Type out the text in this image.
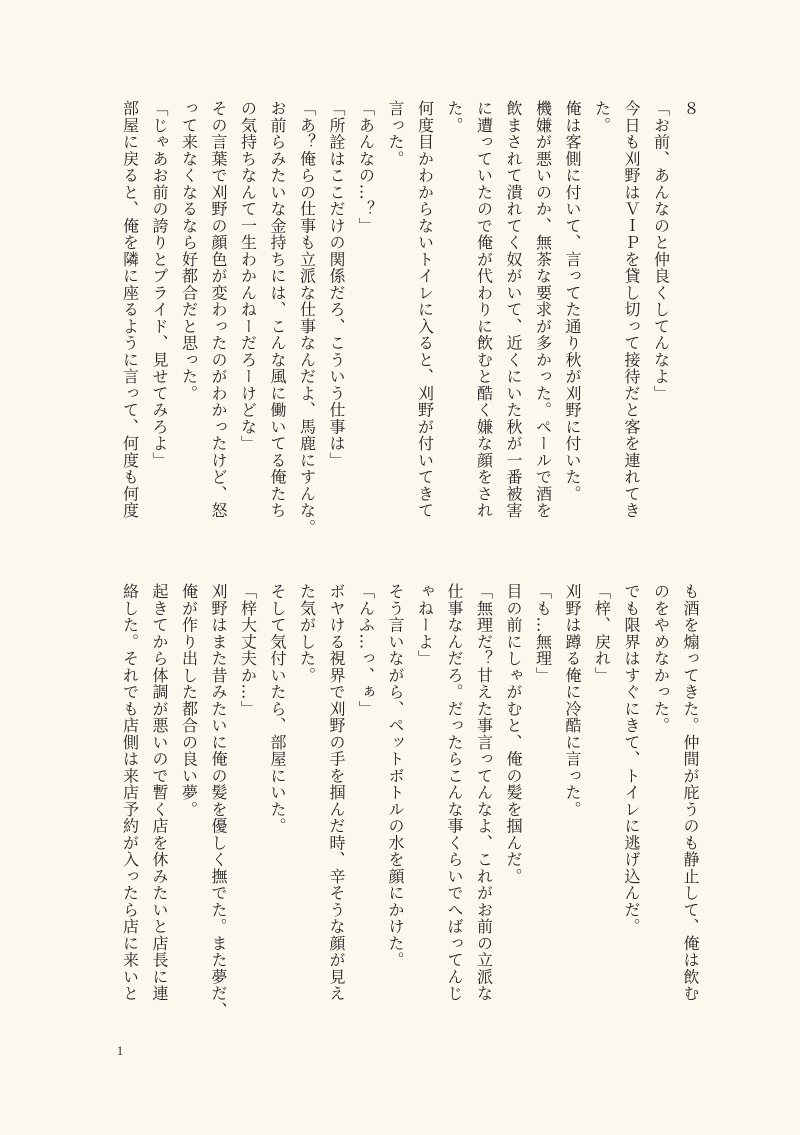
８

「お前、あんなのと仲良くしてんなよ」

今日も刈野はＶＩＰを貸し切って接待だと客を連れてき

た。

俺は客側に付いて、言ってた通り秋が刈野に付いた。

機嫌が悪いのか、無茶な要求が多かった。ペールで酒を

飲まされて潰れてく奴がいて、近くにいた秋が一番被害

に遭っていたので俺が代わりに飲むと酷く嫌な顔をされ

た。

何度目かわからないトイレに入ると、刈野が付いてきて

言った。

「あんなの…？」

「所詮はここだけの関係だろ、こういう仕事は」

「あ？俺らの仕事も立派な仕事なんだよ、馬鹿にすんな。

お前らみたいな金持ちには、こんな風に働いてる俺たち

の気持ちなんて一生わかんねーだろーけどな」

その言葉で刈野の顔色が変わったのがわかったけど、怒

って来なくなるなら好都合だと思った。

「じゃあお前の誇りとプライド、見せてみろよ」

部屋に戻ると、俺を隣に座るように言って、何度も何度

も酒を煽ってきた。仲間が庇うのも静止して、俺は飲む

のをやめなかった。

でも限界はすぐにきて、トイレに逃げ込んだ。

「梓、戻れ」

刈野は蹲る俺に冷酷に言った。

「も…無理」

目の前にしゃがむと、俺の髪を掴んだ。

「無理だ？甘えた事言ってんなよ、これがお前の立派な

仕事なんだろ。だったらこんな事くらいでへばってんじ

ゃねーよ」

そう言いながら、ペットボトルの水を顔にかけた。

「んふ…っ、ぁ」

ボヤける視界で刈野の手を掴んだ時、辛そうな顔が見え

た気がした。

そして気付いたら、部屋にいた。

「梓大丈夫か…」

刈野はまた昔みたいに俺の髪を優しく撫でた。また夢だ、

俺が作り出した都合の良い夢。

起きてから体調が悪いので暫く店を休みたいと店長に連

絡した。それでも店側は来店予約が入ったら店に来いと

1
